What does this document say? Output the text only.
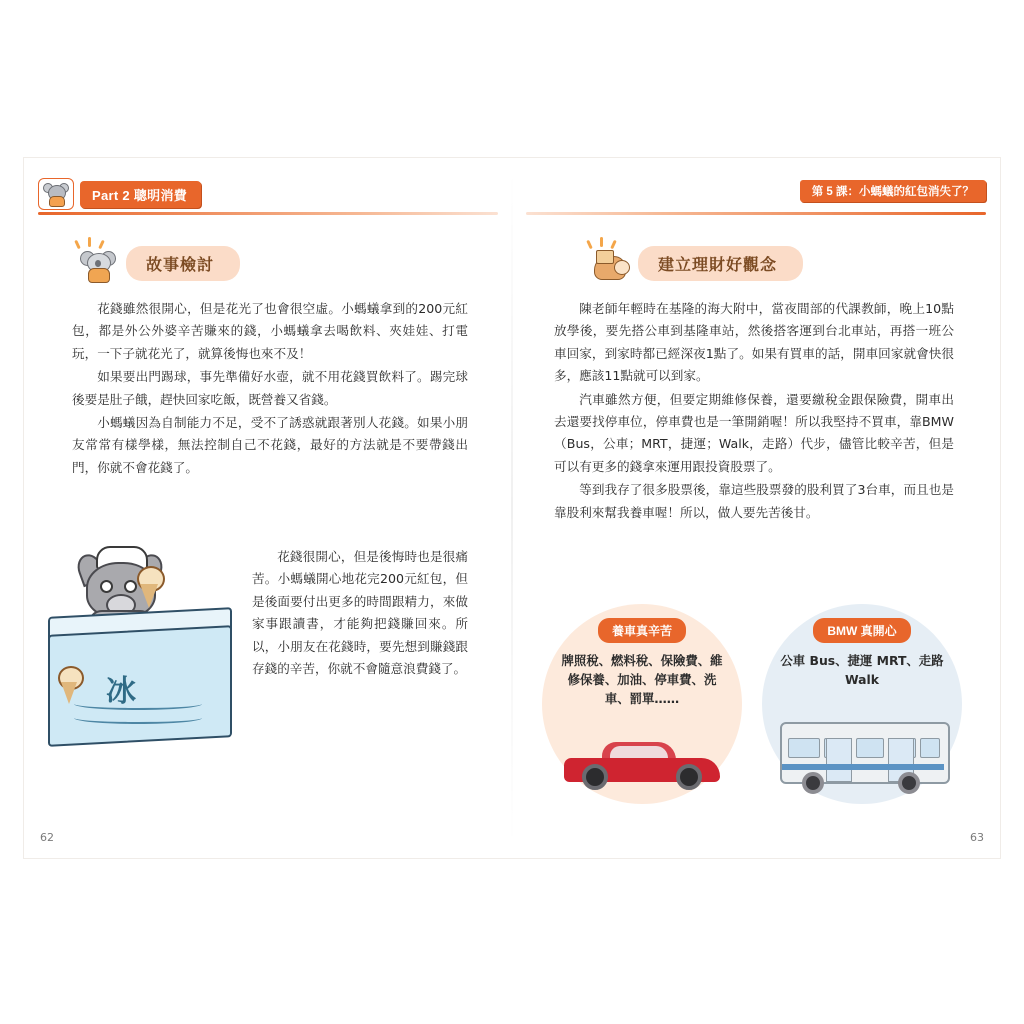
Part 2 聰明消費
故事檢討

花錢雖然很開心，但是花光了也會很空虛。小螞蟻拿到的200元紅包，都是外公外婆辛苦賺來的錢，小螞蟻拿去喝飲料、夾娃娃、打電玩，一下子就花光了，就算後悔也來不及！

如果要出門踢球，事先準備好水壺，就不用花錢買飲料了。踢完球後要是肚子餓，趕快回家吃飯，既營養又省錢。

小螞蟻因為自制能力不足，受不了誘惑就跟著別人花錢。如果小朋友常常有樣學樣，無法控制自己不花錢，最好的方法就是不要帶錢出門，你就不會花錢了。

冰

花錢很開心，但是後悔時也是很痛苦。小螞蟻開心地花完200元紅包，但是後面要付出更多的時間跟精力，來做家事跟讀書，才能夠把錢賺回來。所以，小朋友在花錢時，要先想到賺錢跟存錢的辛苦，你就不會隨意浪費錢了。

62
第 5 課：小螞蟻的紅包消失了？
建立理財好觀念

陳老師年輕時在基隆的海大附中，當夜間部的代課教師，晚上10點放學後，要先搭公車到基隆車站，然後搭客運到台北車站，再搭一班公車回家，到家時都已經深夜1點了。如果有買車的話，開車回家就會快很多，應該11點就可以到家。

汽車雖然方便，但要定期維修保養，還要繳稅金跟保險費，開車出去還要找停車位，停車費也是一筆開銷喔！所以我堅持不買車，靠BMW（Bus，公車；MRT，捷運；Walk，走路）代步，儘管比較辛苦，但是可以有更多的錢拿來運用跟投資股票了。

等到我存了很多股票後，靠這些股票發的股利買了3台車，而且也是靠股利來幫我養車喔！所以，做人要先苦後甘。

養車真辛苦
牌照稅、燃料稅、保險費、維修保養、加油、停車費、洗車、罰單……
BMW 真開心
公車 Bus、捷運 MRT、走路 Walk
63
